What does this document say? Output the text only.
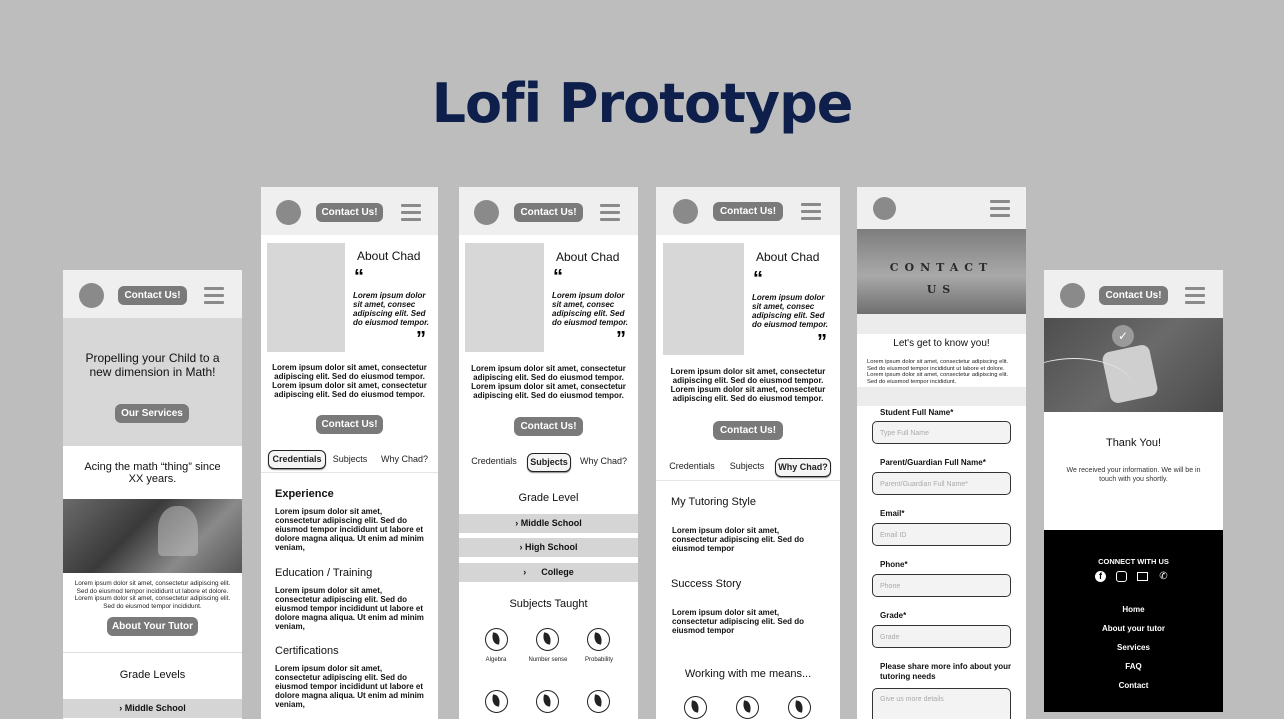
Lofi Prototype
Contact Us!
Propelling your Child to a new dimension in Math!
Our Services
Acing the math “thing” since XX years.
Lorem ipsum dolor sit amet, consectetur adipiscing elit. Sed do eiusmod tempor incididunt ut labore et dolore. Lorem ipsum dolor sit amet, consectetur adipiscing elit. Sed do eiusmod tempor incididunt.
About Your Tutor
Grade Levels
› Middle School
Contact Us!
About Chad
“
Lorem ipsum dolor sit amet, consec adipiscing elit. Sed do eiusmod tempor.
”
Lorem ipsum dolor sit amet, consectetur adipiscing elit. Sed do eiusmod tempor. Lorem ipsum dolor sit amet, consectetur adipiscing elit. Sed do eiusmod tempor.
Contact Us!
Credentials	Subjects	Why Chad?
Experience
Lorem ipsum dolor sit amet, consectetur adipiscing elit. Sed do eiusmod tempor incididunt ut labore et dolore magna aliqua. Ut enim ad minim veniam,
Education / Training
Lorem ipsum dolor sit amet, consectetur adipiscing elit. Sed do eiusmod tempor incididunt ut labore et dolore magna aliqua. Ut enim ad minim veniam,
Certifications
Lorem ipsum dolor sit amet, consectetur adipiscing elit. Sed do eiusmod tempor incididunt ut labore et dolore magna aliqua. Ut enim ad minim veniam,
Contact Us!
About Chad
“
Lorem ipsum dolor sit amet, consec adipiscing elit. Sed do eiusmod tempor.
”
Lorem ipsum dolor sit amet, consectetur adipiscing elit. Sed do eiusmod tempor. Lorem ipsum dolor sit amet, consectetur adipiscing elit. Sed do eiusmod tempor.
Contact Us!
Credentials	Subjects	Why Chad?
Grade Level
› Middle School
› High School
›      College
Subjects Taught
Algebra	Number sense	Probability
Contact Us!
About Chad
“
Lorem ipsum dolor sit amet, consec adipiscing elit. Sed do eiusmod tempor.
”
Lorem ipsum dolor sit amet, consectetur adipiscing elit. Sed do eiusmod tempor. Lorem ipsum dolor sit amet, consectetur adipiscing elit. Sed do eiusmod tempor.
Contact Us!
Credentials	Subjects	Why Chad?
My Tutoring Style
Lorem ipsum dolor sit amet, consectetur adipiscing elit. Sed do eiusmod tempor
Success Story
Lorem ipsum dolor sit amet, consectetur adipiscing elit. Sed do eiusmod tempor
Working with me means...
CONTACT US
Let's get to know you!
Lorem ipsum dolor sit amet, consectetur adipiscing elit. Sed do eiusmod tempor incididunt ut labore et dolore. Lorem ipsum dolor sit amet, consectetur adipiscing elit. Sed do eiusmod tempor incididunt.
Student Full Name*
Type Full Name
Parent/Guardian Full Name*
Parent/Guardian Full Name*
Email*
Email ID
Phone*
Phone
Grade*
Grade
Please share more info about your tutoring needs
Give us more details
Contact Us!
✓
Thank You!
We received your information. We will be in touch with you shortly.
CONNECT WITH US
f	✆
Home
About your tutor
Services
FAQ
Contact
